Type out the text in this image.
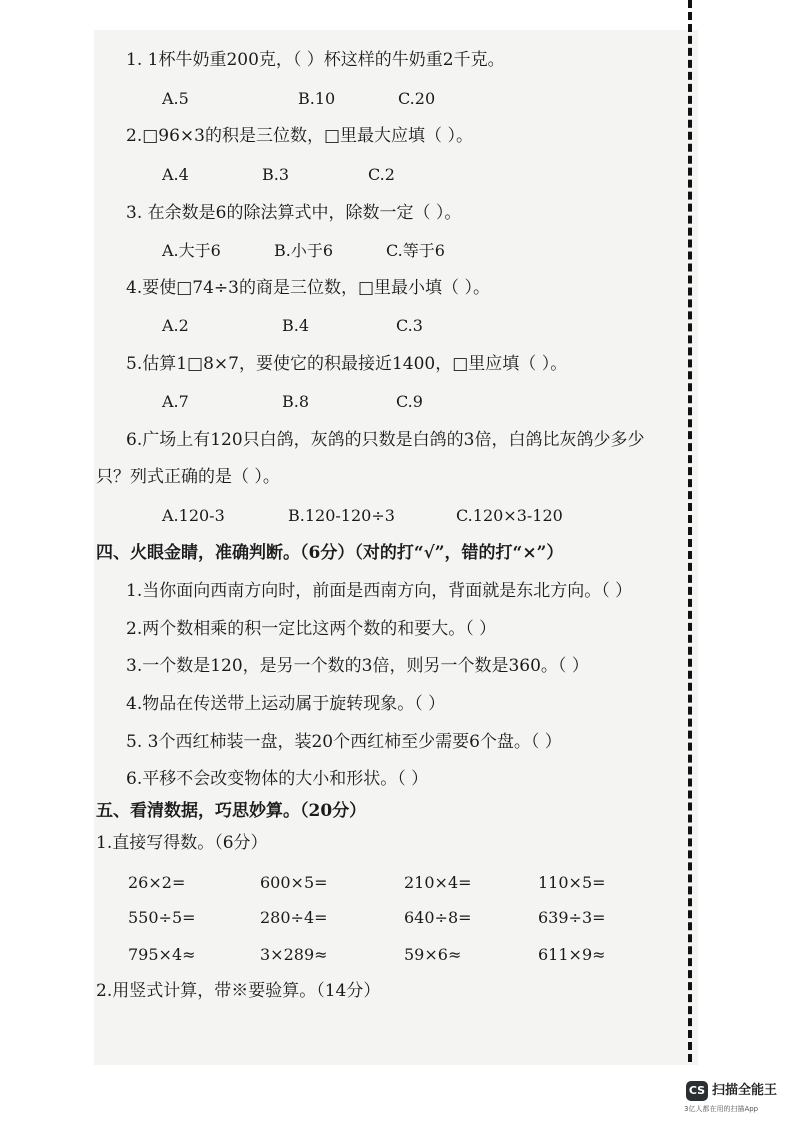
1. 1杯牛奶重200克，（ ）杯这样的牛奶重2千克。
A.5	B.10	C.20
2.□96×3的积是三位数，□里最大应填（ ）。
A.4	B.3	C.2
3. 在余数是6的除法算式中，除数一定（ ）。
A.大于6	B.小于6	C.等于6
4.要使□74÷3的商是三位数，□里最小填（ ）。
A.2	B.4	C.3
5.估算1□8×7，要使它的积最接近1400，□里应填（ ）。
A.7	B.8	C.9
6.广场上有120只白鸽，灰鸽的只数是白鸽的3倍，白鸽比灰鸽少多少
只？列式正确的是（ ）。
A.120-3	B.120-120÷3	C.120×3-120
四、火眼金睛，准确判断。（6分）（对的打“√”，错的打“×”）
1.当你面向西南方向时，前面是西南方向，背面就是东北方向。（ ）
2.两个数相乘的积一定比这两个数的和要大。（ ）
3.一个数是120，是另一个数的3倍，则另一个数是360。（ ）
4.物品在传送带上运动属于旋转现象。（ ）
5. 3个西红柿装一盘，装20个西红柿至少需要6个盘。（ ）
6.平移不会改变物体的大小和形状。（ ）
五、看清数据，巧思妙算。（20分）
1.直接写得数。（6分）
26×2=	600×5=	210×4=	110×5=
550÷5=	280÷4=	640÷8=	639÷3=
795×4≈	3×289≈	59×6≈	611×9≈
2.用竖式计算，带※要验算。（14分）
CS 扫描全能王
3亿人都在用的扫描App
